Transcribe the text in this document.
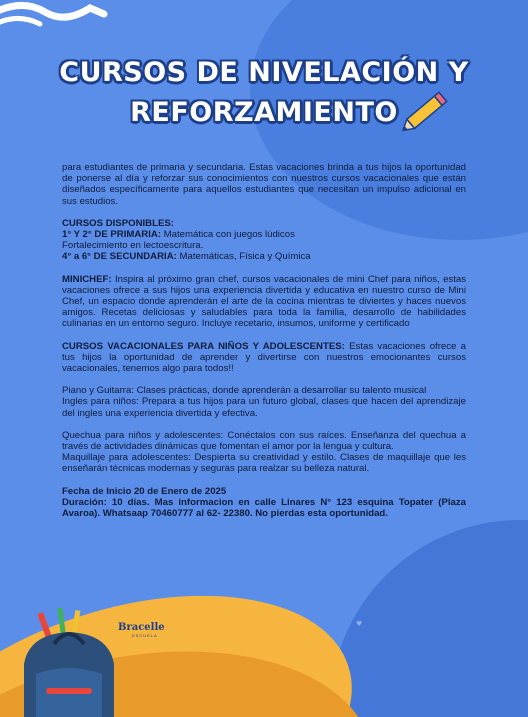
CURSOS DE NIVELACIÓN Y
REFORZAMIENTO

para estudiantes de primaria y secundaria. Estas vacaciones brinda a tus hijos la oportunidad de ponerse al día y reforzar sus conocimientos con nuestros cursos vacacionales que están diseñados específicamente para aquellos estudiantes que necesitan un impulso adicional en sus estudios.

CURSOS DISPONIBLES:
1° Y 2° DE PRIMARIA: Matemática con juegos lúdicos
Fortalecimiento en lectoescritura.
4° a 6° DE SECUNDARIA: Matemáticas, Física y Química

MINICHEF: Inspira al próximo gran chef, cursos vacacionales de mini Chef para niños, estas vacaciones ofrece a sus hijos una experiencia divertida y educativa en nuestro curso de Mini Chef, un espacio donde aprenderán el arte de la cocina mientras te diviertes y haces nuevos amigos. Recetas deliciosas y saludables para toda la familia, desarrollo de habilidades culinarias en un entorno seguro. Incluye recetario, insumos, uniforme y certificado

CURSOS VACACIONALES PARA NIÑOS Y ADOLESCENTES: Estas vacaciones ofrece a tus hijos la oportunidad de aprender y divertirse con nuestros emocionantes cursos vacacionales, tenemos algo para todos!!

Piano y Guitarra: Clases prácticas, donde aprenderán a desarrollar su talento musical
Ingles para niños: Prepara a tus hijos para un futuro global, clases que hacen del aprendizaje del ingles una experiencia divertida y efectiva.

Quechua para niños y adolescentes: Conéctalos con sus raíces. Enseñanza del quechua a través de actividades dinámicas que fomentan el amor por la lengua y cultura.
Maquillaje para adolescentes: Despierta su creatividad y estilo. Clases de maquillaje que les enseñarán técnicas modernas y seguras para realzar su belleza natural.

Fecha de Inicio 20 de Enero de 2025
Duración: 10 días. Mas informacion en calle Linares N° 123 esquina Topater (Plaza Avaroa). Whatsaap 70460777 al 62- 22380. No pierdas esta oportunidad.

Bracelle
ESCUELA
♥
